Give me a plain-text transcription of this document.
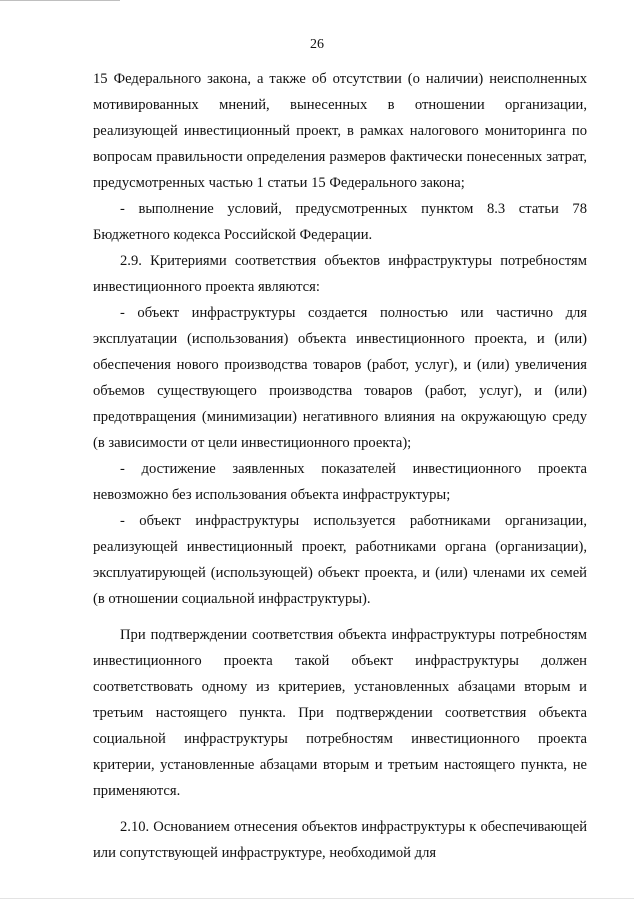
26

15 Федерального закона, а также об отсутствии (о наличии) неисполненных мотивированных мнений, вынесенных в отношении организации, реализующей инвестиционный проект, в рамках налогового мониторинга по вопросам правильности определения размеров фактически понесенных затрат, предусмотренных частью 1 статьи 15 Федерального закона;

- выполнение условий, предусмотренных пунктом 8.3 статьи 78 Бюджетного кодекса Российской Федерации.

2.9. Критериями соответствия объектов инфраструктуры потребностям инвестиционного проекта являются:

- объект инфраструктуры создается полностью или частично для эксплуатации (использования) объекта инвестиционного проекта, и (или) обеспечения нового производства товаров (работ, услуг), и (или) увеличения объемов существующего производства товаров (работ, услуг), и (или) предотвращения (минимизации) негативного влияния на окружающую среду (в зависимости от цели инвестиционного проекта);

- достижение заявленных показателей инвестиционного проекта невозможно без использования объекта инфраструктуры;

- объект инфраструктуры используется работниками организации, реализующей инвестиционный проект, работниками органа (организации), эксплуатирующей (использующей) объект проекта, и (или) членами их семей (в отношении социальной инфраструктуры).

При подтверждении соответствия объекта инфраструктуры потребностям инвестиционного проекта такой объект инфраструктуры должен соответствовать одному из критериев, установленных абзацами вторым и третьим настоящего пункта. При подтверждении соответствия объекта социальной инфраструктуры потребностям инвестиционного проекта критерии, установленные абзацами вторым и третьим настоящего пункта, не применяются.

2.10. Основанием отнесения объектов инфраструктуры к обеспечивающей или сопутствующей инфраструктуре, необходимой для
